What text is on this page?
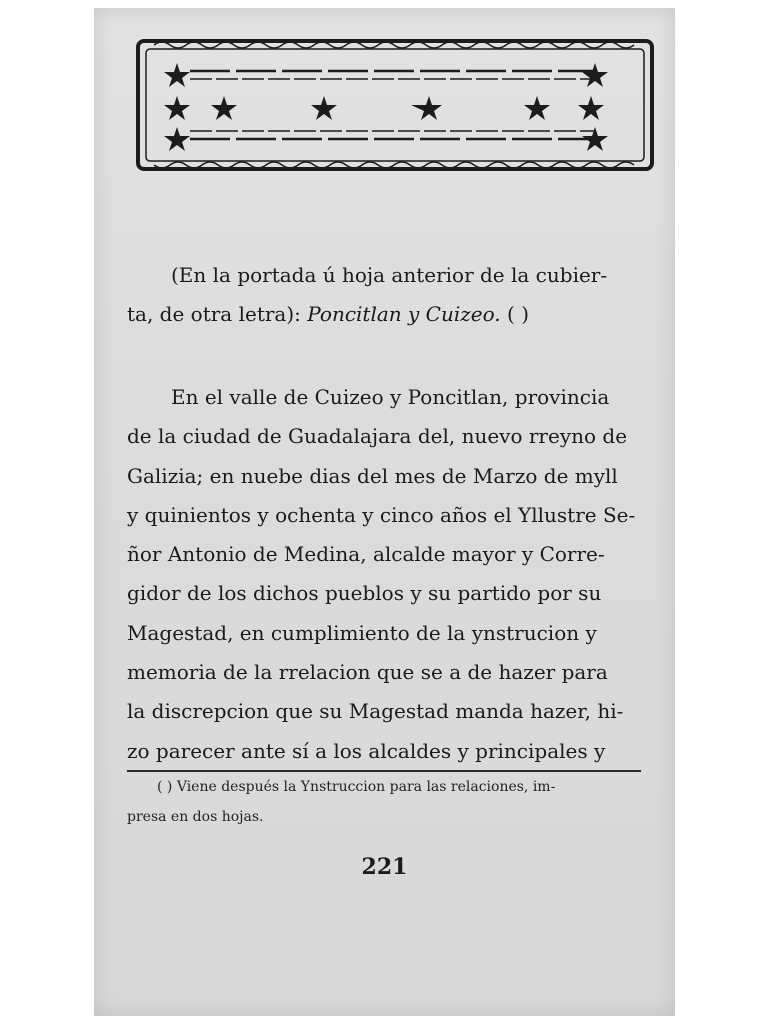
(En la portada ú hoja anterior de la cubier-
ta, de otra letra): Poncitlan y Cuizeo. ( )

En el valle de Cuizeo y Poncitlan, provincia
de la ciudad de Guadalajara del, nuevo rreyno de
Galizia; en nuebe dias del mes de Marzo de myll
y quinientos y ochenta y cinco años el Yllustre Se-
ñor Antonio de Medina, alcalde mayor y Corre-
gidor de los dichos pueblos y su partido por su
Magestad, en cumplimiento de la ynstrucion y
memoria de la rrelacion que se a de hazer para
la discrepcion que su Magestad manda hazer, hi-
zo parecer ante sí a los alcaldes y principales y

( ) Viene después la Ynstruccion para las relaciones, im-
presa en dos hojas.

221
